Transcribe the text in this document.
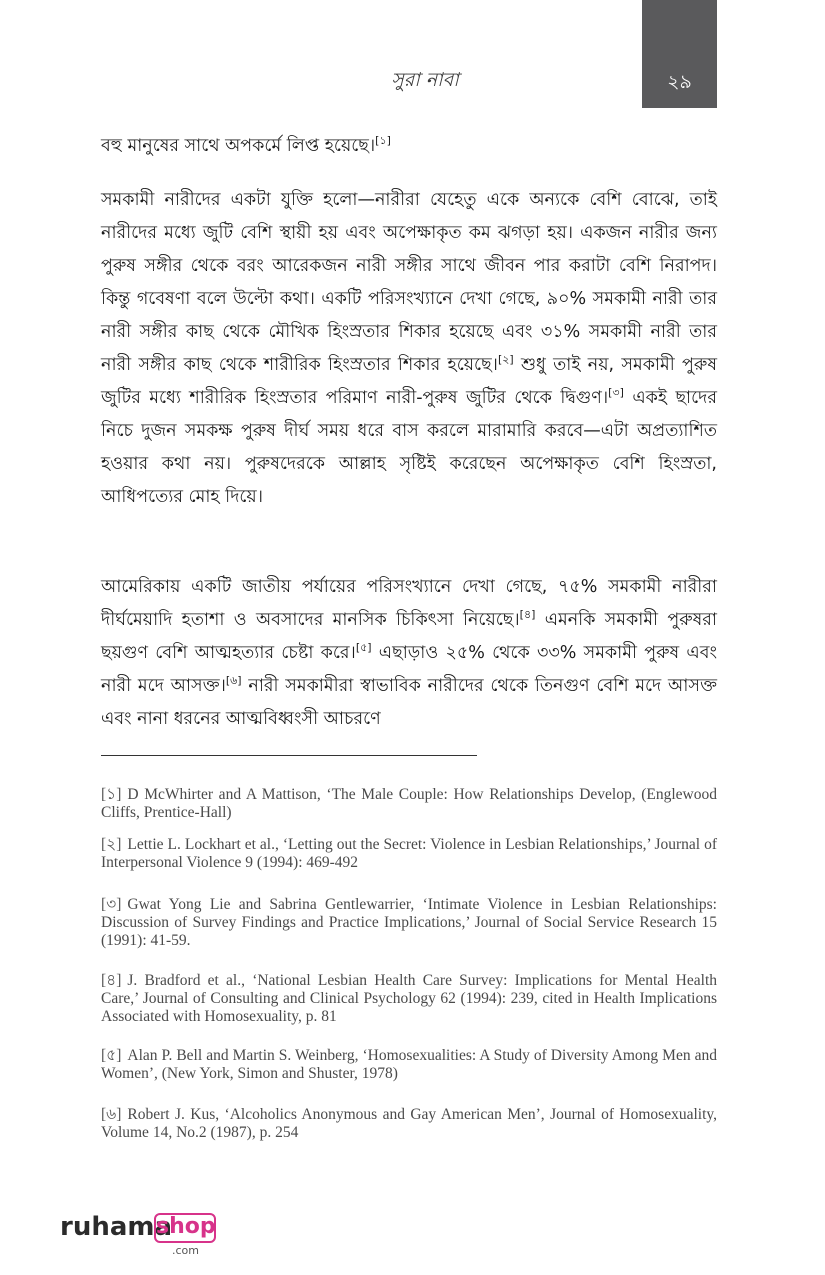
সুরা নাবা	২৯

বহু মানুষের সাথে অপকর্মে লিপ্ত হয়েছে।[১]

সমকামী নারীদের একটা যুক্তি হলো—নারীরা যেহেতু একে অন্যকে বেশি বোঝে, তাই নারীদের মধ্যে জুটি বেশি স্থায়ী হয় এবং অপেক্ষাকৃত কম ঝগড়া হয়। একজন নারীর জন্য পুরুষ সঙ্গীর থেকে বরং আরেকজন নারী সঙ্গীর সাথে জীবন পার করাটা বেশি নিরাপদ। কিন্তু গবেষণা বলে উল্টো কথা। একটি পরিসংখ্যানে দেখা গেছে, ৯০% সমকামী নারী তার নারী সঙ্গীর কাছ থেকে মৌখিক হিংস্রতার শিকার হয়েছে এবং ৩১% সমকামী নারী তার নারী সঙ্গীর কাছ থেকে শারীরিক হিংস্রতার শিকার হয়েছে।[২] শুধু তাই নয়, সমকামী পুরুষ জুটির মধ্যে শারীরিক হিংস্রতার পরিমাণ নারী-পুরুষ জুটির থেকে দ্বিগুণ।[৩] একই ছাদের নিচে দুজন সমকক্ষ পুরুষ দীর্ঘ সময় ধরে বাস করলে মারামারি করবে—এটা অপ্রত্যাশিত হওয়ার কথা নয়। পুরুষদেরকে আল্লাহ সৃষ্টিই করেছেন অপেক্ষাকৃত বেশি হিংস্রতা, আধিপত্যের মোহ দিয়ে।

আমেরিকায় একটি জাতীয় পর্যায়ের পরিসংখ্যানে দেখা গেছে, ৭৫% সমকামী নারীরা দীর্ঘমেয়াদি হতাশা ও অবসাদের মানসিক চিকিৎসা নিয়েছে।[৪] এমনকি সমকামী পুরুষরা ছয়গুণ বেশি আত্মহত্যার চেষ্টা করে।[৫] এছাড়াও ২৫% থেকে ৩৩% সমকামী পুরুষ এবং নারী মদে আসক্ত।[৬] নারী সমকামীরা স্বাভাবিক নারীদের থেকে তিনগুণ বেশি মদে আসক্ত এবং নানা ধরনের আত্মবিধ্বংসী আচরণে

[১] D McWhirter and A Mattison, ‘The Male Couple: How Relationships Develop, (Englewood Cliffs, Prentice-Hall)

[২] Lettie L. Lockhart et al., ‘Letting out the Secret: Violence in Lesbian Relationships,’ Journal of Interpersonal Violence 9 (1994): 469-492

[৩] Gwat Yong Lie and Sabrina Gentlewarrier, ‘Intimate Violence in Lesbian Relationships: Discussion of Survey Findings and Practice Implications,’ Journal of Social Service Research 15 (1991): 41-59.

[৪] J. Bradford et al., ‘National Lesbian Health Care Survey: Implications for Mental Health Care,’ Journal of Consulting and Clinical Psychology 62 (1994): 239, cited in Health Implications Associated with Homosexuality, p. 81

[৫] Alan P. Bell and Martin S. Weinberg, ‘Homosexualities: A Study of Diversity Among Men and Women’, (New York, Simon and Shuster, 1978)

[৬] Robert J. Kus, ‘Alcoholics Anonymous and Gay American Men’, Journal of Homosexuality, Volume 14, No.2 (1987), p. 254

ruhama
shop
.com
